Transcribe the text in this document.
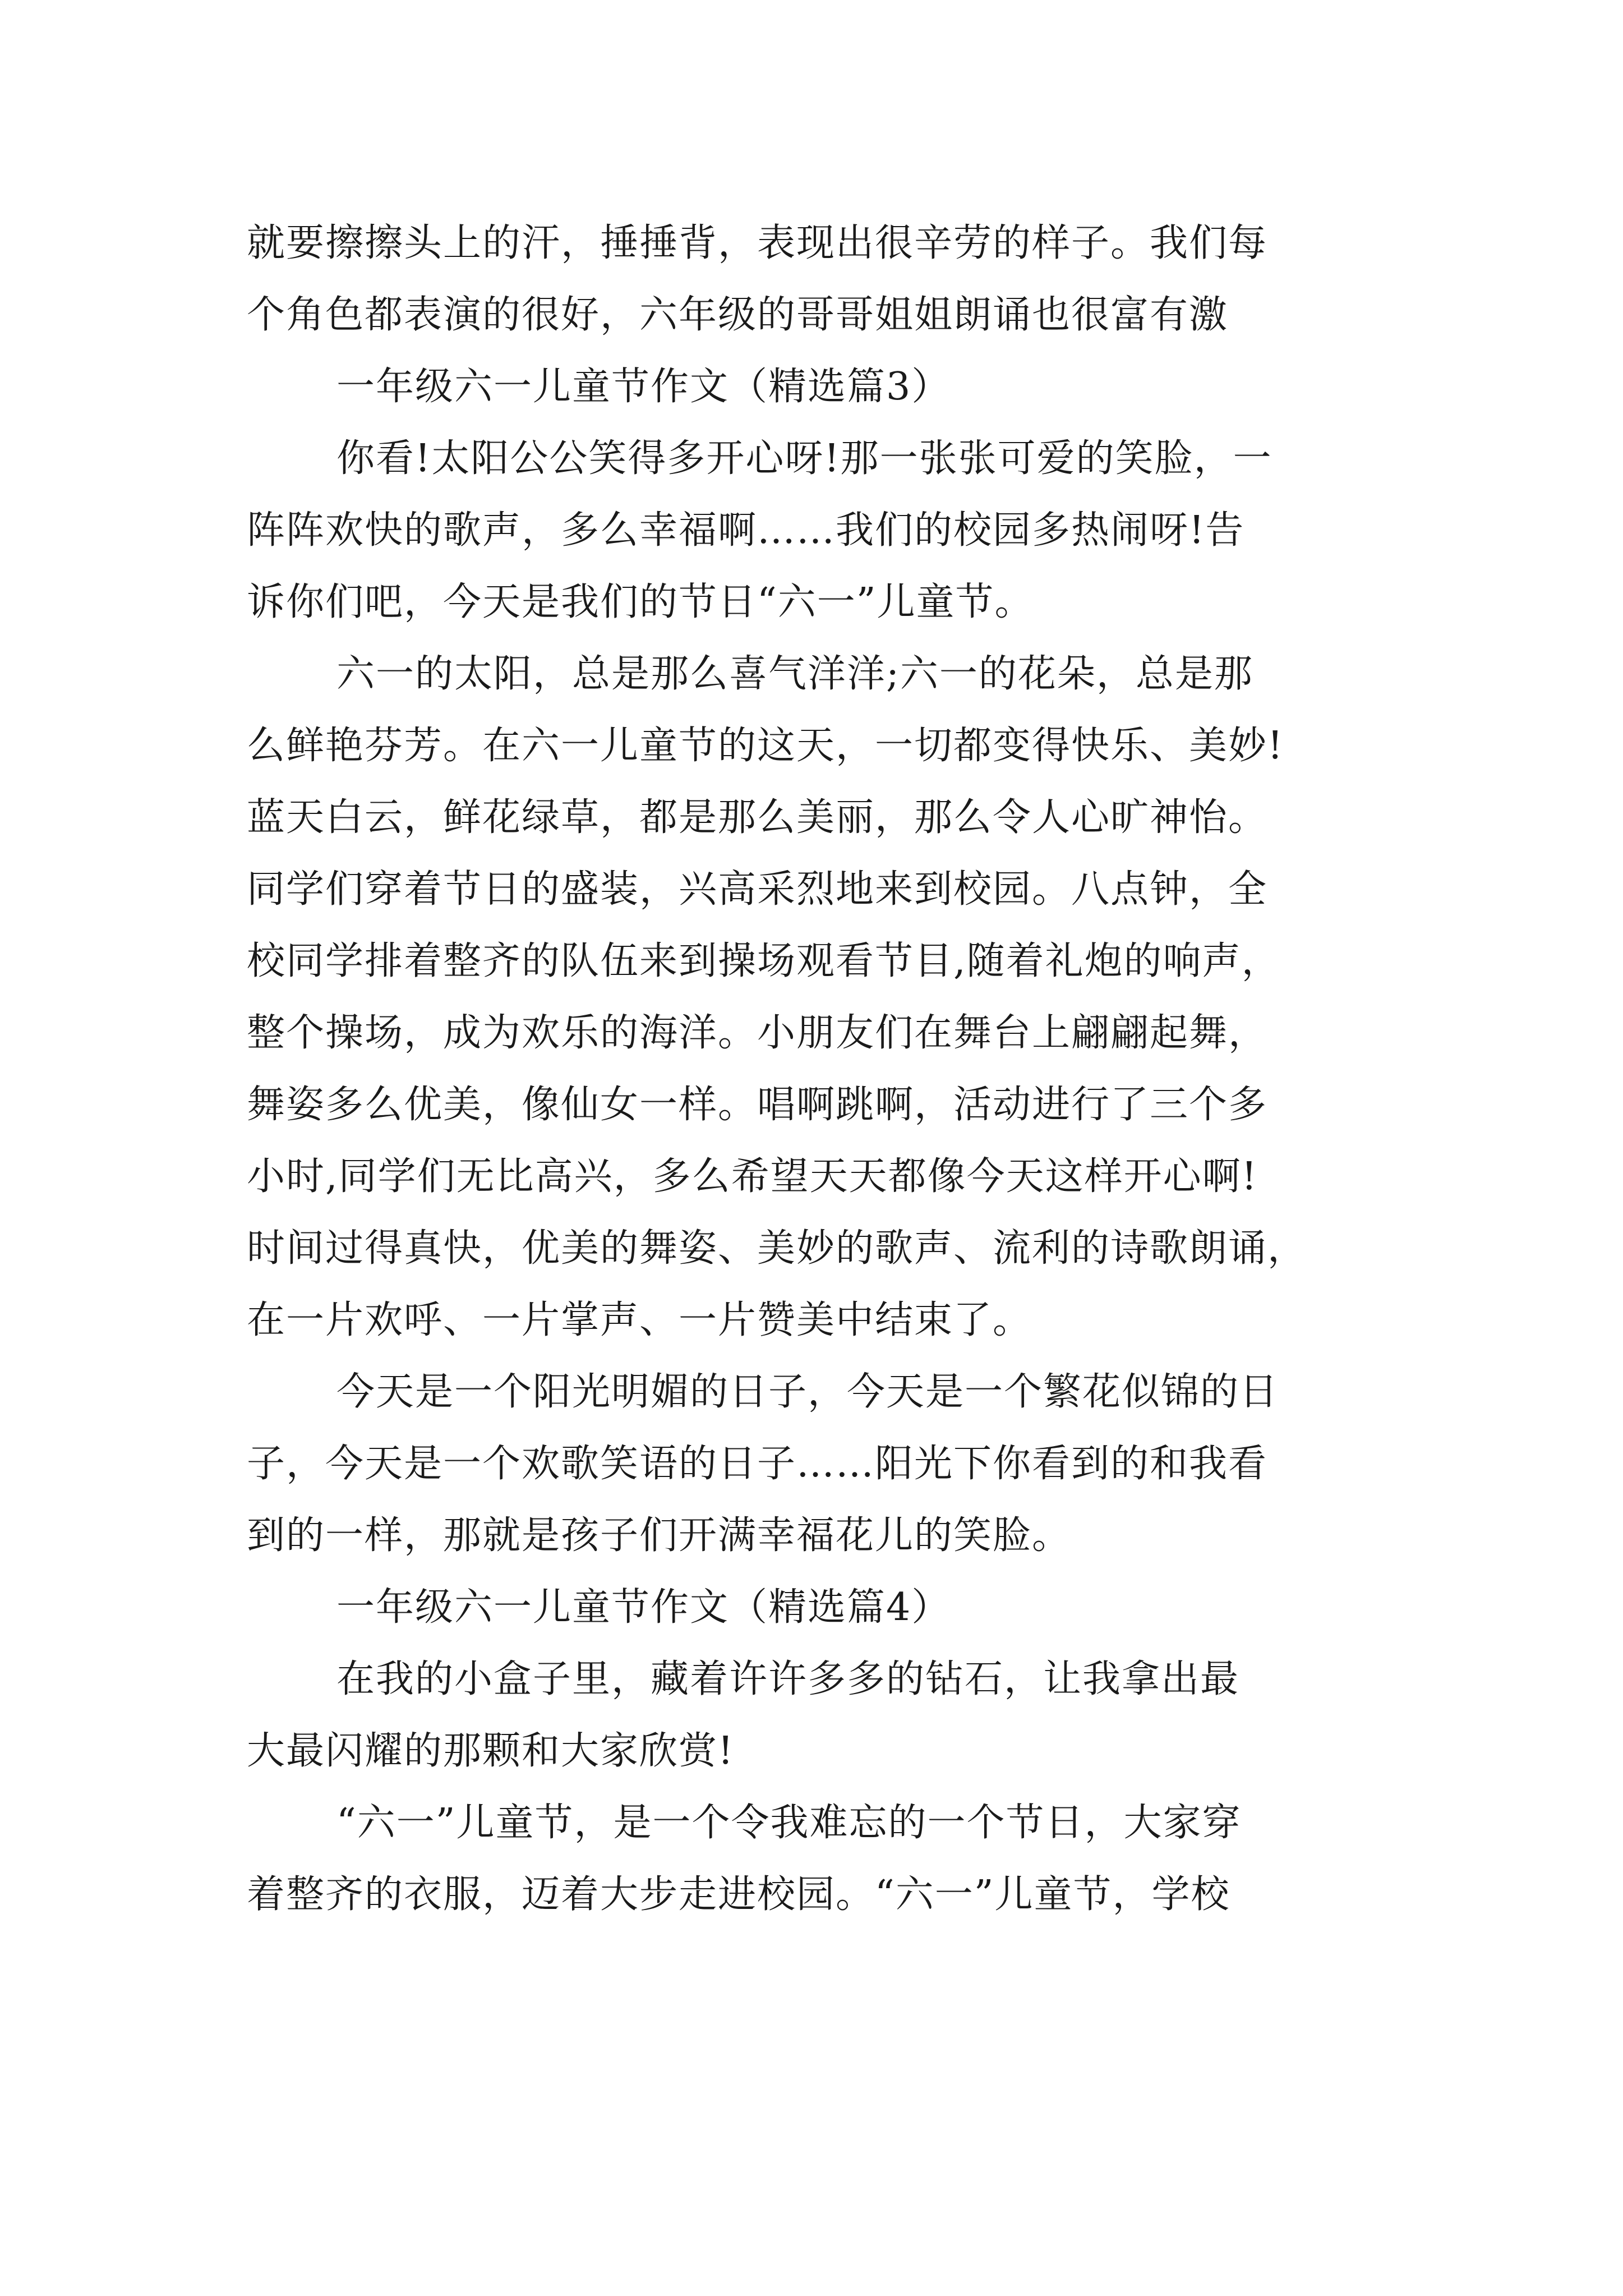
就要擦擦头上的汗，捶捶背，表现出很辛劳的样子。我们每
个角色都表演的很好，六年级的哥哥姐姐朗诵也很富有激

一年级六一儿童节作文（精选篇3）

你看!太阳公公笑得多开心呀!那一张张可爱的笑脸，一
阵阵欢快的歌声，多么幸福啊……我们的校园多热闹呀!告
诉你们吧，今天是我们的节日“六一”儿童节。

六一的太阳，总是那么喜气洋洋;六一的花朵，总是那
么鲜艳芬芳。在六一儿童节的这天，一切都变得快乐、美妙!
蓝天白云，鲜花绿草，都是那么美丽，那么令人心旷神怡。
同学们穿着节日的盛装，兴高采烈地来到校园。八点钟，全
校同学排着整齐的队伍来到操场观看节目,随着礼炮的响声，
整个操场，成为欢乐的海洋。小朋友们在舞台上翩翩起舞，
舞姿多么优美，像仙女一样。唱啊跳啊，活动进行了三个多
小时,同学们无比高兴，多么希望天天都像今天这样开心啊!
时间过得真快，优美的舞姿、美妙的歌声、流利的诗歌朗诵，
在一片欢呼、一片掌声、一片赞美中结束了。

今天是一个阳光明媚的日子，今天是一个繁花似锦的日
子，今天是一个欢歌笑语的日子……阳光下你看到的和我看
到的一样，那就是孩子们开满幸福花儿的笑脸。

一年级六一儿童节作文（精选篇4）

在我的小盒子里，藏着许许多多的钻石，让我拿出最
大最闪耀的那颗和大家欣赏!

“六一”儿童节，是一个令我难忘的一个节日，大家穿
着整齐的衣服，迈着大步走进校园。“六一”儿童节，学校
